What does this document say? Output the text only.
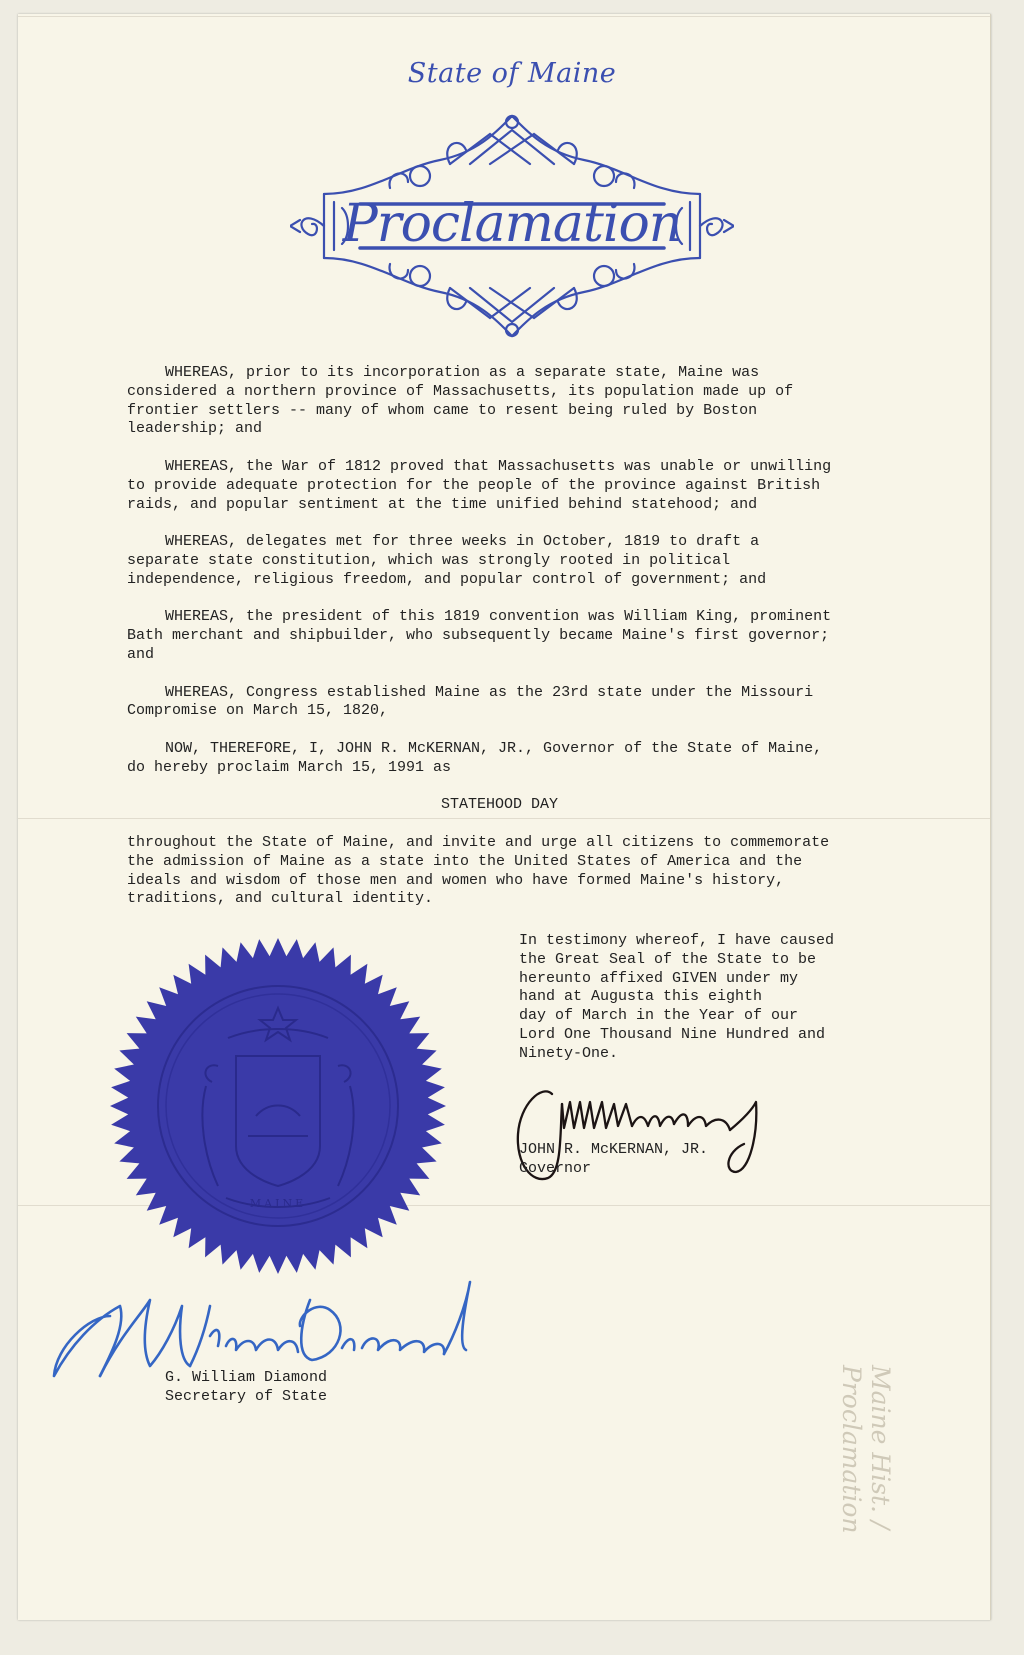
State of Maine
Proclamation

WHEREAS, prior to its incorporation as a separate state, Maine was
considered a northern province of Massachusetts, its population made up of
frontier settlers -- many of whom came to resent being ruled by Boston
leadership; and

WHEREAS, the War of 1812 proved that Massachusetts was unable or unwilling
to provide adequate protection for the people of the province against British
raids, and popular sentiment at the time unified behind statehood; and

WHEREAS, delegates met for three weeks in October, 1819 to draft a
separate state constitution, which was strongly rooted in political
independence, religious freedom, and popular control of government; and

WHEREAS, the president of this 1819 convention was William King, prominent
Bath merchant and shipbuilder, who subsequently became Maine's first governor;
and

WHEREAS, Congress established Maine as the 23rd state under the Missouri
Compromise on March 15, 1820,

NOW, THEREFORE, I, JOHN R. McKERNAN, JR., Governor of the State of Maine,
do hereby proclaim March 15, 1991 as

STATEHOOD DAY

throughout the State of Maine, and invite and urge all citizens to commemorate
the admission of Maine as a state into the United States of America and the
ideals and wisdom of those men and women who have formed Maine's history,
traditions, and cultural identity.

In testimony whereof, I have caused
the Great Seal of the State to be
hereunto affixed GIVEN under my
hand at Augusta this eighth
day of March in the Year of our
Lord One Thousand Nine Hundred and
Ninety-One.
MAINE
JOHN R. McKERNAN, JR.
Governor
G. William Diamond
Secretary of State	Maine Hist. / Proclamation
